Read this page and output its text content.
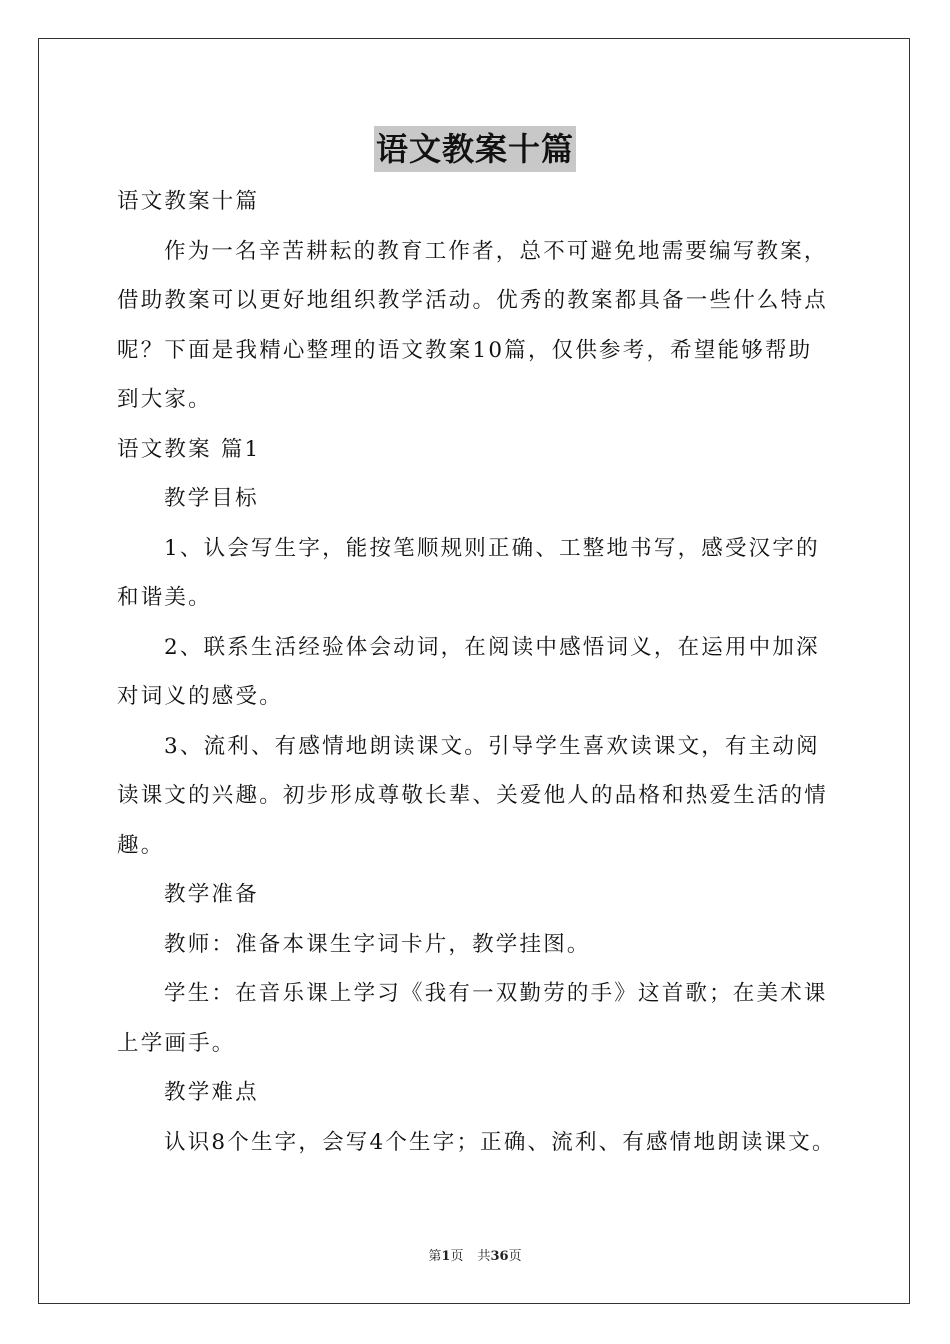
语文教案十篇

语文教案十篇

作为一名辛苦耕耘的教育工作者，总不可避免地需要编写教案，

借助教案可以更好地组织教学活动。优秀的教案都具备一些什么特点

呢？下面是我精心整理的语文教案10篇，仅供参考，希望能够帮助

到大家。

语文教案 篇1

教学目标

1、认会写生字，能按笔顺规则正确、工整地书写，感受汉字的

和谐美。

2、联系生活经验体会动词，在阅读中感悟词义，在运用中加深

对词义的感受。

3、流利、有感情地朗读课文。引导学生喜欢读课文，有主动阅

读课文的兴趣。初步形成尊敬长辈、关爱他人的品格和热爱生活的情

趣。

教学准备

教师：准备本课生字词卡片，教学挂图。

学生：在音乐课上学习《我有一双勤劳的手》这首歌；在美术课

上学画手。

教学难点

认识8个生字，会写4个生字；正确、流利、有感情地朗读课文。

第1页 共36页
